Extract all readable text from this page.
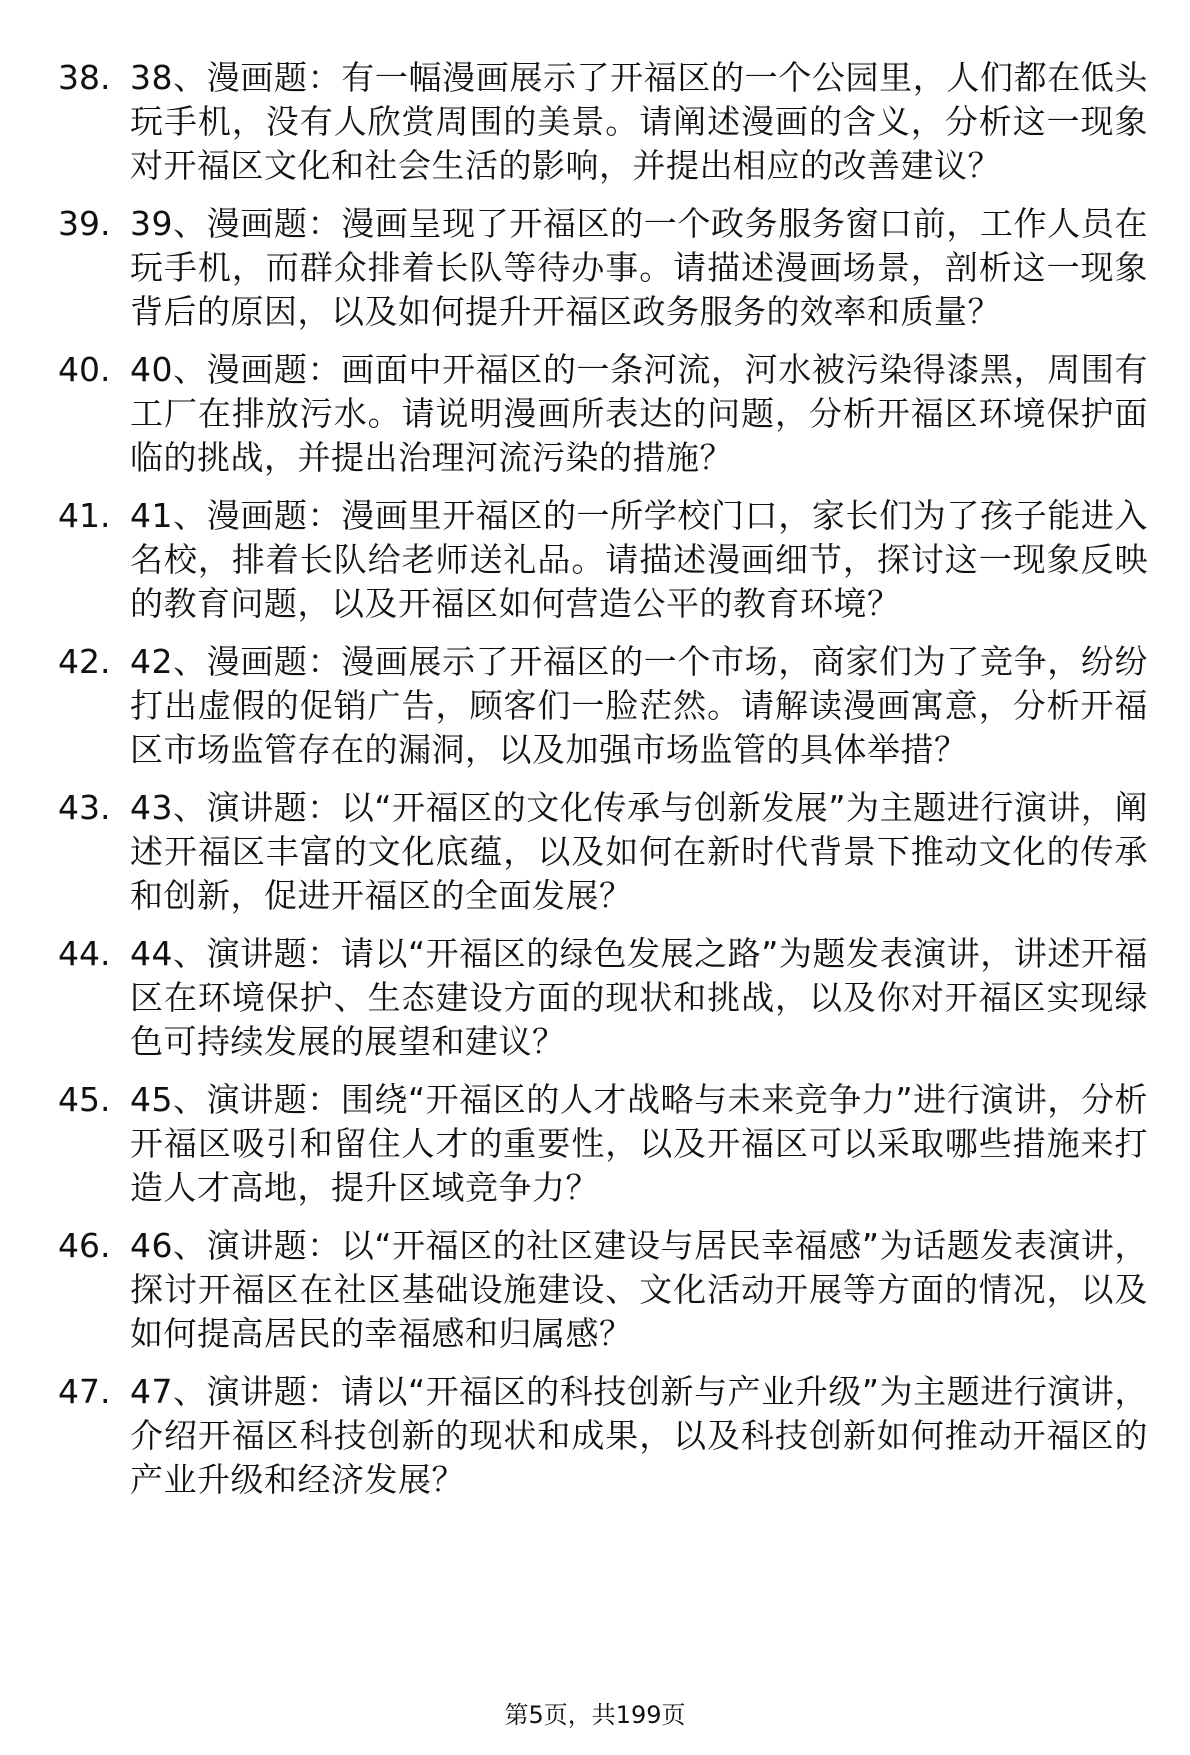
38. 38、漫画题：有一幅漫画展示了开福区的一个公园里，人们都在低头玩手机，没有人欣赏周围的美景。请阐述漫画的含义，分析这一现象对开福区文化和社会生活的影响，并提出相应的改善建议？
39. 39、漫画题：漫画呈现了开福区的一个政务服务窗口前，工作人员在玩手机，而群众排着长队等待办事。请描述漫画场景，剖析这一现象背后的原因，以及如何提升开福区政务服务的效率和质量？
40. 40、漫画题：画面中开福区的一条河流，河水被污染得漆黑，周围有工厂在排放污水。请说明漫画所表达的问题，分析开福区环境保护面临的挑战，并提出治理河流污染的措施？
41. 41、漫画题：漫画里开福区的一所学校门口，家长们为了孩子能进入名校，排着长队给老师送礼品。请描述漫画细节，探讨这一现象反映的教育问题，以及开福区如何营造公平的教育环境？
42. 42、漫画题：漫画展示了开福区的一个市场，商家们为了竞争，纷纷打出虚假的促销广告，顾客们一脸茫然。请解读漫画寓意，分析开福区市场监管存在的漏洞，以及加强市场监管的具体举措？
43. 43、演讲题：以“开福区的文化传承与创新发展”为主题进行演讲，阐述开福区丰富的文化底蕴，以及如何在新时代背景下推动文化的传承和创新，促进开福区的全面发展？
44. 44、演讲题：请以“开福区的绿色发展之路”为题发表演讲，讲述开福区在环境保护、生态建设方面的现状和挑战，以及你对开福区实现绿色可持续发展的展望和建议？
45. 45、演讲题：围绕“开福区的人才战略与未来竞争力”进行演讲，分析开福区吸引和留住人才的重要性，以及开福区可以采取哪些措施来打造人才高地，提升区域竞争力？
46. 46、演讲题：以“开福区的社区建设与居民幸福感”为话题发表演讲，探讨开福区在社区基础设施建设、文化活动开展等方面的情况，以及如何提高居民的幸福感和归属感？
47. 47、演讲题：请以“开福区的科技创新与产业升级”为主题进行演讲，介绍开福区科技创新的现状和成果，以及科技创新如何推动开福区的产业升级和经济发展？
第5页，共199页
